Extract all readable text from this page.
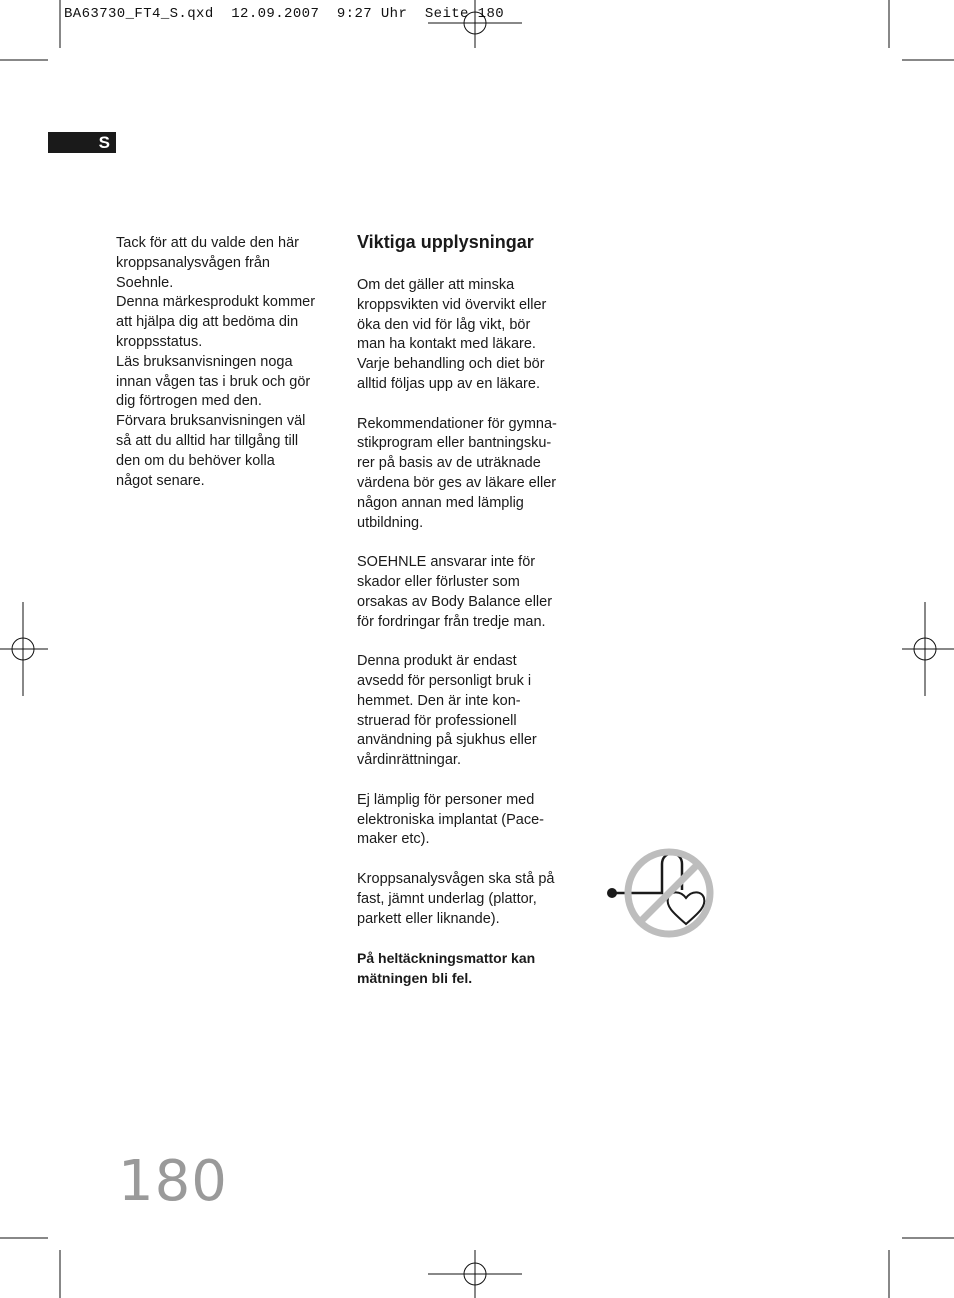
BA63730_FT4_S.qxd  12.09.2007  9:27 Uhr  Seite 180
S

Tack för att du valde den här

kroppsanalysvågen från

Soehnle.

Denna märkesprodukt kommer

att hjälpa dig att bedöma din

kroppsstatus.

Läs bruksanvisningen noga

innan vågen tas i bruk och gör

dig förtrogen med den.

Förvara bruksanvisningen väl

så att du alltid har tillgång till

den om du behöver kolla

något senare.

Viktiga upplysningar

Om det gäller att minska

kroppsvikten vid övervikt eller

öka den vid för låg vikt, bör

man ha kontakt med läkare.

Varje behandling och diet bör

alltid följas upp av en läkare.

Rekommendationer för gymna-

stikprogram eller bantningsku-

rer på basis av de uträknade

värdena bör ges av läkare eller

någon annan med lämplig

utbildning.

SOEHNLE ansvarar inte för

skador eller förluster som

orsakas av Body Balance eller

för fordringar från tredje man.

Denna produkt är endast

avsedd för personligt bruk i

hemmet. Den är inte kon-

struerad för professionell

användning på sjukhus eller

vårdinrättningar.

Ej lämplig för personer med

elektroniska implantat (Pace-

maker etc).

Kroppsanalysvågen ska stå på

fast, jämnt underlag (plattor,

parkett eller liknande).

På heltäckningsmattor kan

mätningen bli fel.

180
